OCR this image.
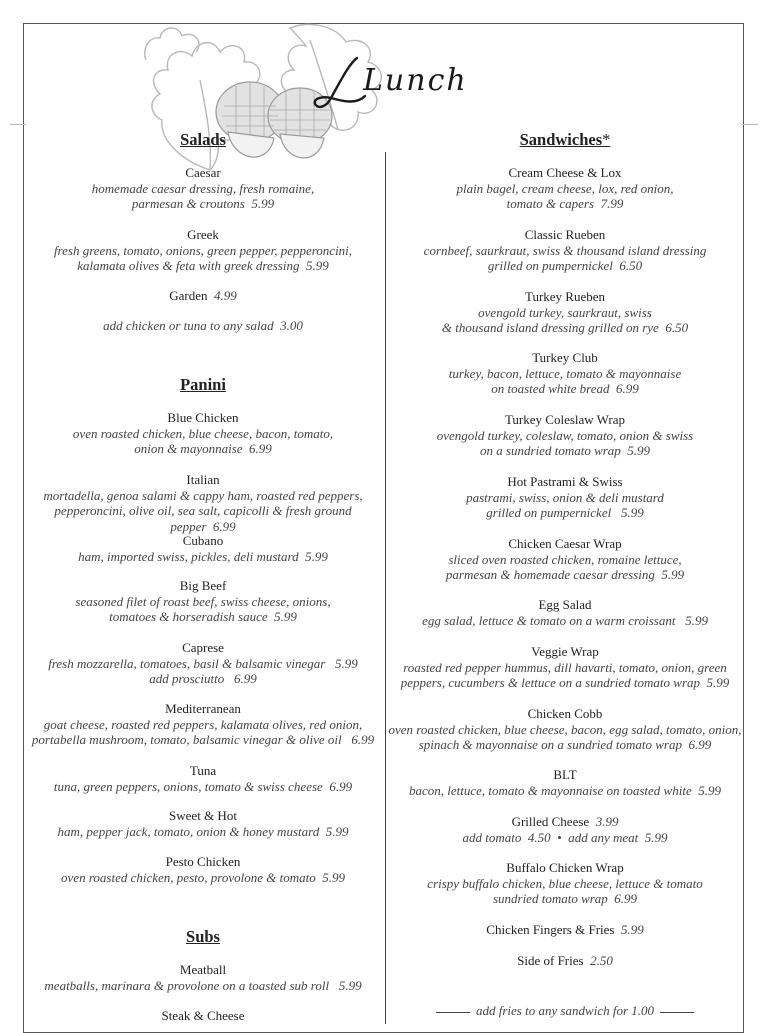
Lunch
Salads
Caesar
homemade caesar dressing, fresh romaine,
parmesan & croutons 5.99
Greek
fresh greens, tomato, onions, green pepper, pepperoncini,
kalamata olives & feta with greek dressing 5.99
Garden 4.99
add chicken or tuna to any salad 3.00
Panini
Blue Chicken
oven roasted chicken, blue cheese, bacon, tomato,
onion & mayonnaise 6.99
Italian
mortadella, genoa salami & cappy ham, roasted red peppers,
pepperoncini, olive oil, sea salt, capicolli & fresh ground pepper 6.99
Cubano
ham, imported swiss, pickles, deli mustard 5.99
Big Beef
seasoned filet of roast beef, swiss cheese, onions,
tomatoes & horseradish sauce 5.99
Caprese
fresh mozzarella, tomatoes, basil & balsamic vinegar 5.99
add prosciutto 6.99
Mediterranean
goat cheese, roasted red peppers, kalamata olives, red onion,
portabella mushroom, tomato, balsamic vinegar & olive oil 6.99
Tuna
tuna, green peppers, onions, tomato & swiss cheese 6.99
Sweet & Hot
ham, pepper jack, tomato, onion & honey mustard 5.99
Pesto Chicken
oven roasted chicken, pesto, provolone & tomato 5.99
Subs
Meatball
meatballs, marinara & provolone on a toasted sub roll 5.99
Steak & Cheese
Sandwiches*
Cream Cheese & Lox
plain bagel, cream cheese, lox, red onion,
tomato & capers 7.99
Classic Rueben
cornbeef, saurkraut, swiss & thousand island dressing
grilled on pumpernickel 6.50
Turkey Rueben
ovengold turkey, saurkraut, swiss
& thousand island dressing grilled on rye 6.50
Turkey Club
turkey, bacon, lettuce, tomato & mayonnaise
on toasted white bread 6.99
Turkey Coleslaw Wrap
ovengold turkey, coleslaw, tomato, onion & swiss
on a sundried tomato wrap 5.99
Hot Pastrami & Swiss
pastrami, swiss, onion & deli mustard
grilled on pumpernickel 5.99
Chicken Caesar Wrap
sliced oven roasted chicken, romaine lettuce,
parmesan & homemade caesar dressing 5.99
Egg Salad
egg salad, lettuce & tomato on a warm croissant 5.99
Veggie Wrap
roasted red pepper hummus, dill havarti, tomato, onion, green
peppers, cucumbers & lettuce on a sundried tomato wrap 5.99
Chicken Cobb
oven roasted chicken, blue cheese, bacon, egg salad, tomato, onion,
spinach & mayonnaise on a sundried tomato wrap 6.99
BLT
bacon, lettuce, tomato & mayonnaise on toasted white 5.99
Grilled Cheese 3.99
add tomato 4.50 • add any meat 5.99
Buffalo Chicken Wrap
crispy buffalo chicken, blue cheese, lettuce & tomato
sundried tomato wrap 6.99
Chicken Fingers & Fries 5.99
Side of Fries 2.50
add fries to any sandwich for 1.00
